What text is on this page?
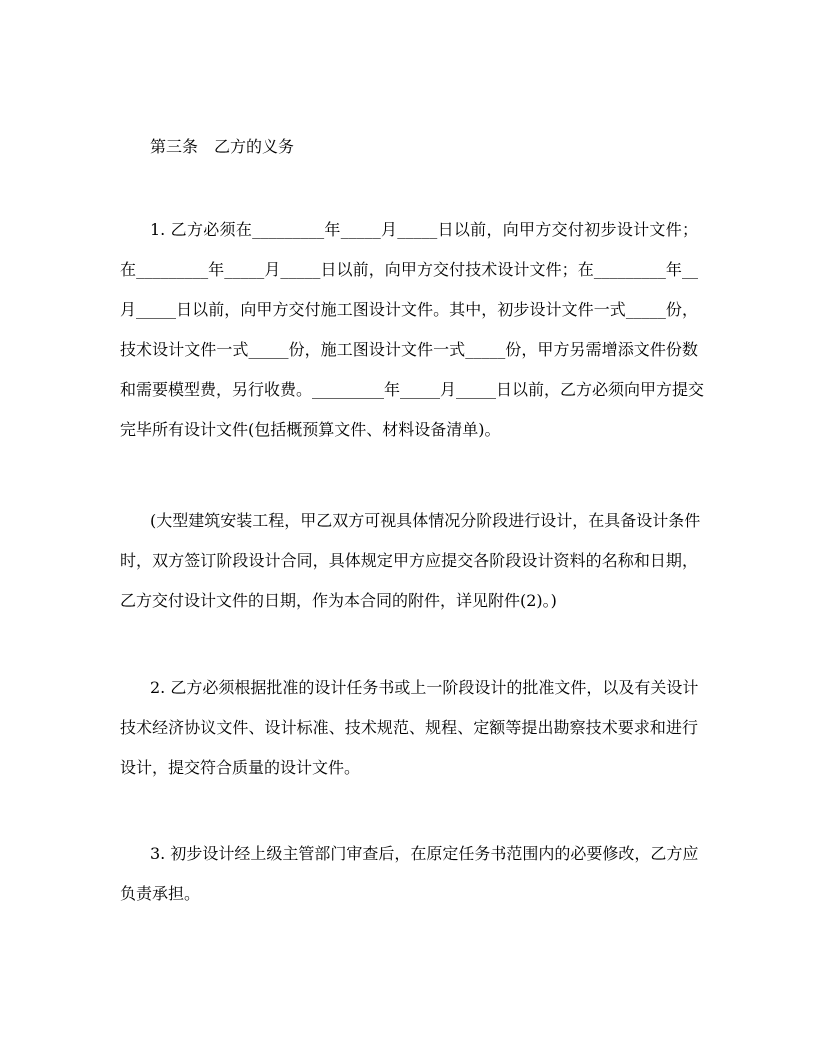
第三条　乙方的义务
1. 乙方必须在_________年_____月_____日以前，向甲方交付初步设计文件；
在_________年_____月_____日以前，向甲方交付技术设计文件；在_________年__
月_____日以前，向甲方交付施工图设计文件。其中，初步设计文件一式_____份，
技术设计文件一式_____份，施工图设计文件一式_____份，甲方另需增添文件份数
和需要模型费，另行收费。_________年_____月_____日以前，乙方必须向甲方提交
完毕所有设计文件(包括概预算文件、材料设备清单)。
(大型建筑安装工程，甲乙双方可视具体情况分阶段进行设计，在具备设计条件
时，双方签订阶段设计合同，具体规定甲方应提交各阶段设计资料的名称和日期，
乙方交付设计文件的日期，作为本合同的附件，详见附件(2)。)
2. 乙方必须根据批准的设计任务书或上一阶段设计的批准文件，以及有关设计
技术经济协议文件、设计标准、技术规范、规程、定额等提出勘察技术要求和进行
设计，提交符合质量的设计文件。
3. 初步设计经上级主管部门审查后，在原定任务书范围内的必要修改，乙方应
负责承担。
